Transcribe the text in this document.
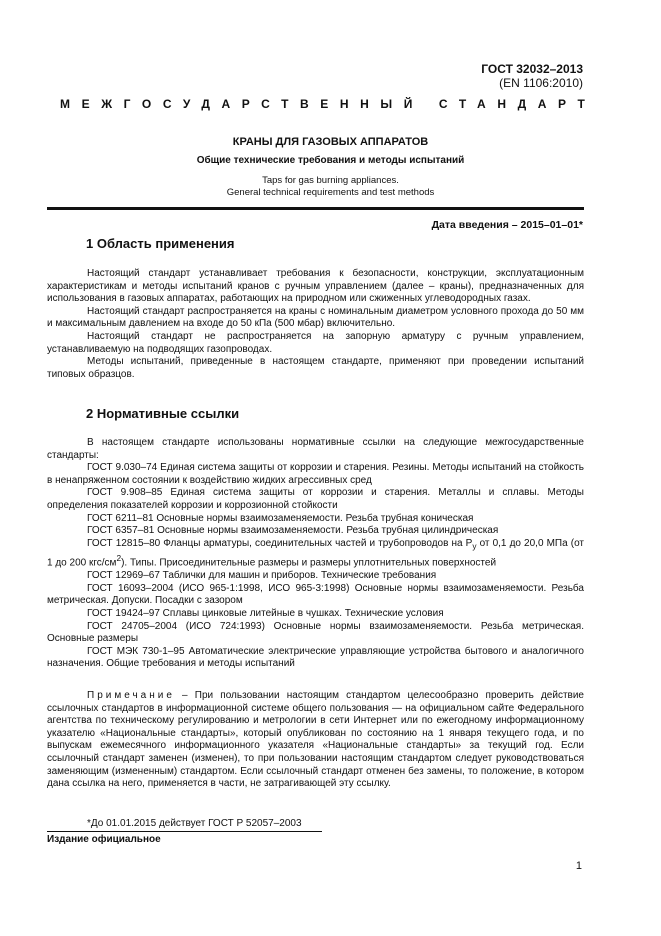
ГОСТ 32032–2013
(EN 1106:2010)
МЕЖГОСУДАРСТВЕННЫЙ СТАНДАРТ
КРАНЫ ДЛЯ ГАЗОВЫХ АППАРАТОВ
Общие технические требования и методы испытаний
Taps for gas burning appliances.
General technical requirements and test methods
Дата введения – 2015–01–01*
1 Область применения

Настоящий стандарт устанавливает требования к безопасности, конструкции, эксплуатационным характеристикам и методы испытаний кранов с ручным управлением (далее – краны), предназначенных для использования в газовых аппаратах, работающих на природном или сжиженных углеводородных газах.

Настоящий стандарт распространяется на краны с номинальным диаметром условного прохода до 50 мм и максимальным давлением на входе до 50 кПа (500 мбар) включительно.

Настоящий стандарт не распространяется на запорную арматуру с ручным управлением, устанавливаемую на подводящих газопроводах.

Методы испытаний, приведенные в настоящем стандарте, применяют при проведении испытаний типовых образцов.

2 Нормативные ссылки

В настоящем стандарте использованы нормативные ссылки на следующие межгосударственные стандарты:

ГОСТ 9.030–74 Единая система защиты от коррозии и старения. Резины. Методы испытаний на стойкость в ненапряженном состоянии к воздействию жидких агрессивных сред

ГОСТ 9.908–85 Единая система защиты от коррозии и старения. Металлы и сплавы. Методы определения показателей коррозии и коррозионной стойкости

ГОСТ 6211–81 Основные нормы взаимозаменяемости. Резьба трубная коническая

ГОСТ 6357–81 Основные нормы взаимозаменяемости. Резьба трубная цилиндрическая

ГОСТ 12815–80 Фланцы арматуры, соединительных частей и трубопроводов на $P_у$ от 0,1 до 20,0 МПа (от 1 до 200 кгс/$см^2$). Типы. Присоединительные размеры и размеры уплотнительных поверхностей

ГОСТ 12969–67 Таблички для машин и приборов. Технические требования

ГОСТ 16093–2004 (ИСО 965-1:1998, ИСО 965-3:1998) Основные нормы взаимозаменяемости. Резьба метрическая. Допуски. Посадки с зазором

ГОСТ 19424–97 Сплавы цинковые литейные в чушках. Технические условия

ГОСТ 24705–2004 (ИСО 724:1993) Основные нормы взаимозаменяемости. Резьба метрическая. Основные размеры

ГОСТ МЭК 730-1–95 Автоматические электрические управляющие устройства бытового и аналогичного назначения. Общие требования и методы испытаний

Примечание – При пользовании настоящим стандартом целесообразно проверить действие ссылочных стандартов в информационной системе общего пользования — на официальном сайте Федерального агентства по техническому регулированию и метрологии в сети Интернет или по ежегодному информационному указателю «Национальные стандарты», который опубликован по состоянию на 1 января текущего года, и по выпускам ежемесячного информационного указателя «Национальные стандарты» за текущий год. Если ссылочный стандарт заменен (изменен), то при пользовании настоящим стандартом следует руководствоваться заменяющим (измененным) стандартом. Если ссылочный стандарт отменен без замены, то положение, в котором дана ссылка на него, применяется в части, не затрагивающей эту ссылку.

*До 01.01.2015 действует ГОСТ Р 52057–2003
Издание официальное
1
